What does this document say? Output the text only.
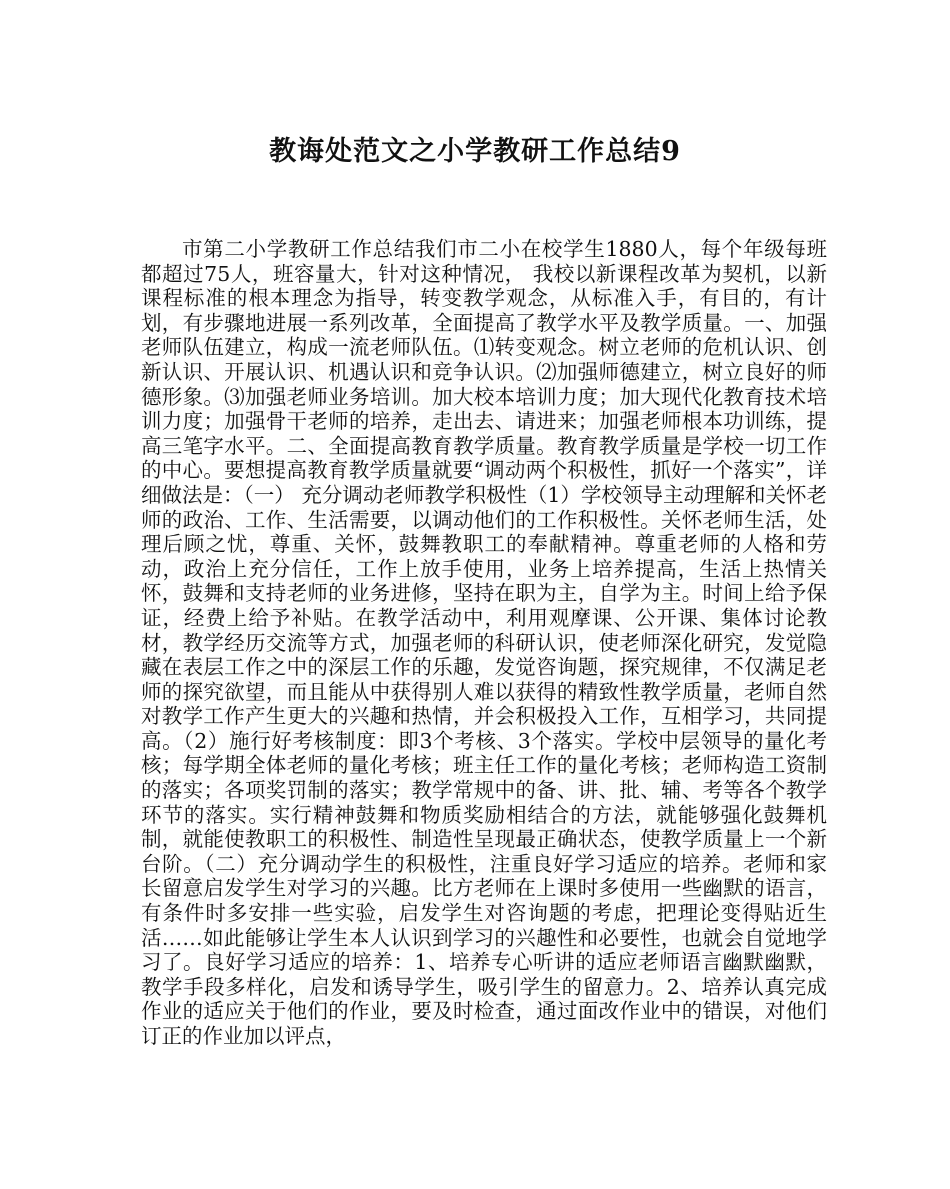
教诲处范文之小学教研工作总结9

市第二小学教研工作总结我们市二小在校学生1880人，每个年级每班都超过75人，班容量大，针对这种情况， 我校以新课程改革为契机，以新课程标准的根本理念为指导，转变教学观念，从标准入手，有目的，有计划，有步骤地进展一系列改革，全面提高了教学水平及教学质量。一、加强老师队伍建立，构成一流老师队伍。⑴转变观念。树立老师的危机认识、创新认识、开展认识、机遇认识和竞争认识。⑵加强师德建立，树立良好的师德形象。⑶加强老师业务培训。加大校本培训力度；加大现代化教育技术培训力度；加强骨干老师的培养，走出去、请进来；加强老师根本功训练，提高三笔字水平。二、全面提高教育教学质量。教育教学质量是学校一切工作的中心。要想提高教育教学质量就要“调动两个积极性，抓好一个落实”，详细做法是：（一） 充分调动老师教学积极性（1）学校领导主动理解和关怀老师的政治、工作、生活需要，以调动他们的工作积极性。关怀老师生活，处理后顾之忧，尊重、关怀，鼓舞教职工的奉献精神。尊重老师的人格和劳动，政治上充分信任，工作上放手使用，业务上培养提高，生活上热情关怀，鼓舞和支持老师的业务进修，坚持在职为主，自学为主。时间上给予保证，经费上给予补贴。在教学活动中，利用观摩课、公开课、集体讨论教材，教学经历交流等方式，加强老师的科研认识，使老师深化研究，发觉隐藏在表层工作之中的深层工作的乐趣，发觉咨询题，探究规律，不仅满足老师的探究欲望，而且能从中获得别人难以获得的精致性教学质量，老师自然对教学工作产生更大的兴趣和热情，并会积极投入工作，互相学习，共同提高。（2）施行好考核制度：即3个考核、3个落实。学校中层领导的量化考核；每学期全体老师的量化考核；班主任工作的量化考核；老师构造工资制的落实；各项奖罚制的落实；教学常规中的备、讲、批、辅、考等各个教学环节的落实。实行精神鼓舞和物质奖励相结合的方法，就能够强化鼓舞机制，就能使教职工的积极性、制造性呈现最正确状态，使教学质量上一个新台阶。（二）充分调动学生的积极性，注重良好学习适应的培养。老师和家长留意启发学生对学习的兴趣。比方老师在上课时多使用一些幽默的语言，有条件时多安排一些实验，启发学生对咨询题的考虑，把理论变得贴近生活……如此能够让学生本人认识到学习的兴趣性和必要性，也就会自觉地学习了。良好学习适应的培养：1、培养专心听讲的适应老师语言幽默幽默，教学手段多样化，启发和诱导学生，吸引学生的留意力。2、培养认真完成作业的适应关于他们的作业，要及时检查，通过面改作业中的错误，对他们订正的作业加以评点，
